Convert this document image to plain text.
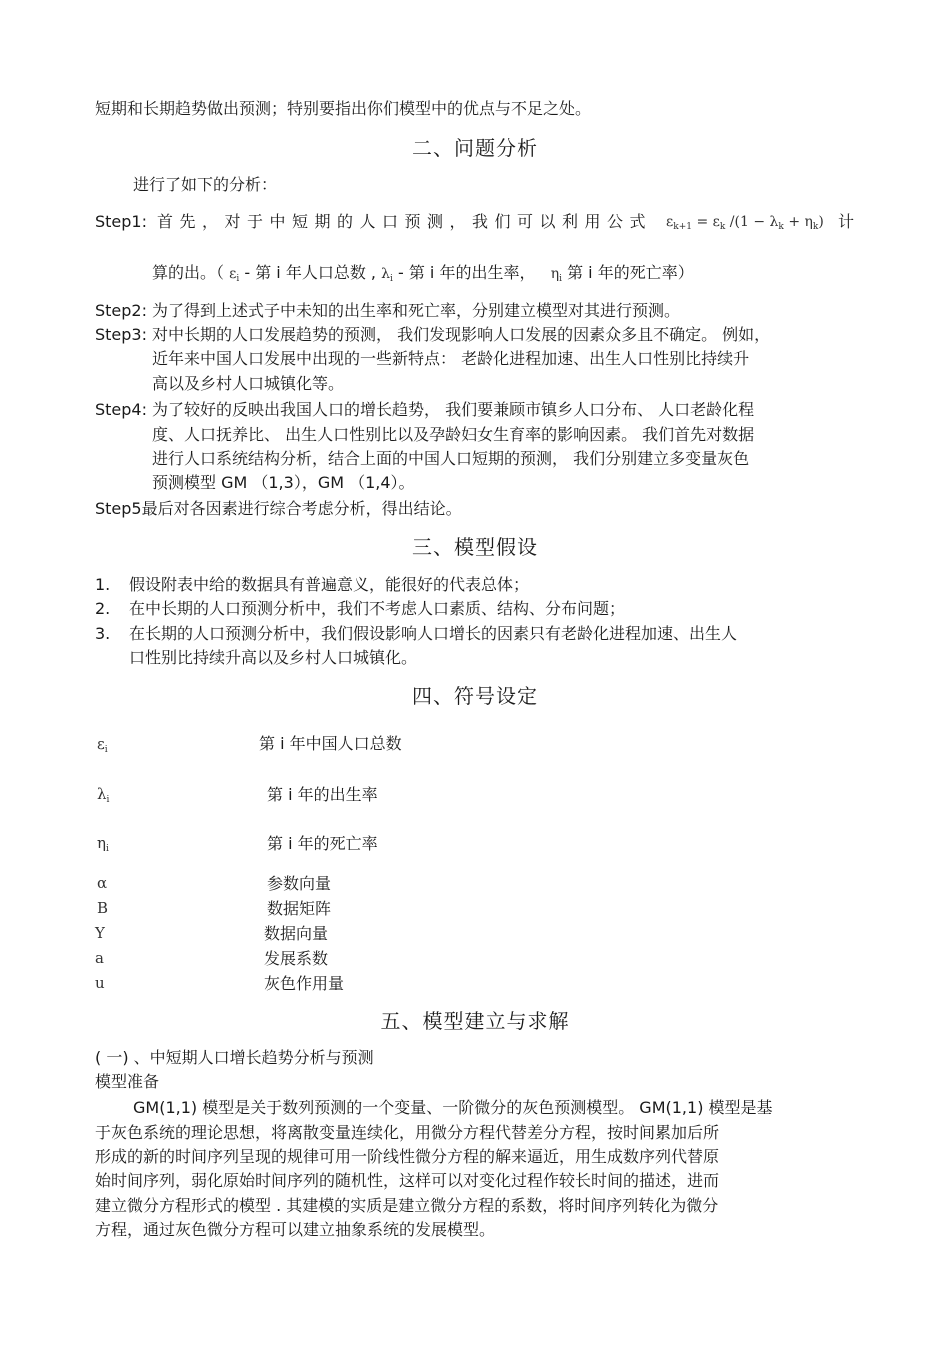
短期和长期趋势做出预测；特别要指出你们模型中的优点与不足之处。
二、问题分析
进行了如下的分析：
Step1: 首先，对于中短期的人口预测，我们可以利用公式 $\varepsilon_{k+1} = \varepsilon_k$ $/(1 - \lambda_k + \eta_k)$ 计
算的出。（ $\varepsilon_i$ - 第 i 年人口总数 , $\lambda_i$ - 第 i 年的出生率， $\eta_i$ 第 i 年的死亡率）
Step2: 为了得到上述式子中未知的出生率和死亡率，分别建立模型对其进行预测。
Step3: 对中长期的人口发展趋势的预测， 我们发现影响人口发展的因素众多且不确定。 例如，
近年来中国人口发展中出现的一些新特点： 老龄化进程加速、出生人口性别比持续升
高以及乡村人口城镇化等。
Step4: 为了较好的反映出我国人口的增长趋势， 我们要兼顾市镇乡人口分布、 人口老龄化程
度、人口抚养比、 出生人口性别比以及孕龄妇女生育率的影响因素。 我们首先对数据
进行人口系统结构分析，结合上面的中国人口短期的预测， 我们分别建立多变量灰色
预测模型 GM （1,3），GM （1,4）。
Step5最后对各因素进行综合考虑分析，得出结论。
三、模型假设
1. 假设附表中给的数据具有普遍意义，能很好的代表总体；
2. 在中长期的人口预测分析中，我们不考虑人口素质、结构、分布问题；
3. 在长期的人口预测分析中，我们假设影响人口增长的因素只有老龄化进程加速、出生人
口性别比持续升高以及乡村人口城镇化。
四、符号设定
$\varepsilon_i$	第 i 年中国人口总数
$\lambda_i$	第 i 年的出生率
$\eta_i$	第 i 年的死亡率
α	参数向量
B	数据矩阵
Y	数据向量
a	发展系数
u	灰色作用量
五、模型建立与求解
( 一) 、中短期人口增长趋势分析与预测
模型准备
GM(1,1) 模型是关于数列预测的一个变量、一阶微分的灰色预测模型。 GM(1,1) 模型是基
于灰色系统的理论思想，将离散变量连续化，用微分方程代替差分方程，按时间累加后所
形成的新的时间序列呈现的规律可用一阶线性微分方程的解来逼近，用生成数序列代替原
始时间序列，弱化原始时间序列的随机性，这样可以对变化过程作较长时间的描述，进而
建立微分方程形式的模型 . 其建模的实质是建立微分方程的系数，将时间序列转化为微分
方程，通过灰色微分方程可以建立抽象系统的发展模型。
